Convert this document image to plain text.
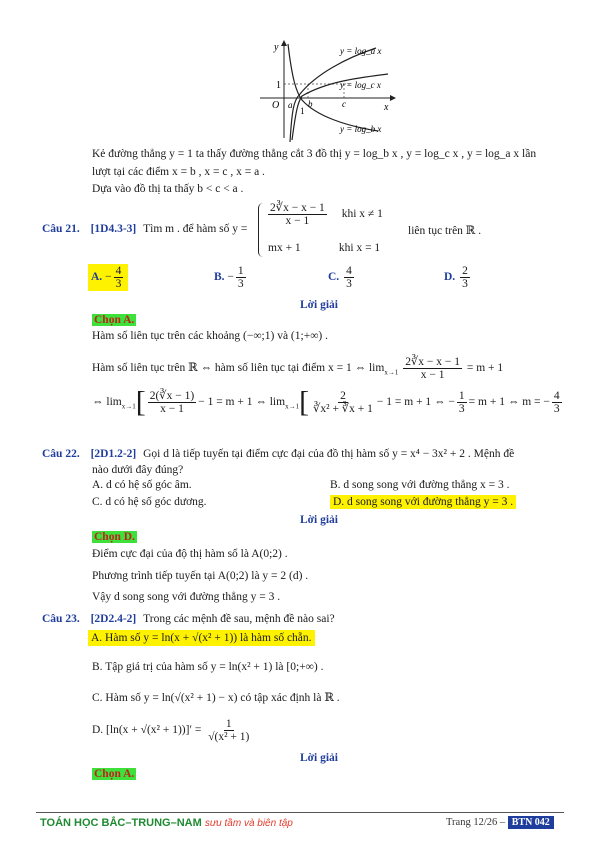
y
1
O	x
a b	c
1
y = log_a x
y = log_c x
y = log_b x
Kẻ đường thẳng y = 1 ta thấy đường thẳng cắt 3 đồ thị y = log_b x , y = log_c x , y = log_a x lần
lượt tại các điểm x = b , x = c , x = a .
Dựa vào đồ thị ta thấy b < c < a .
Câu 21. [1D4.3-3] Tìm m . để hàm số y =
$\frac{2∛x - x - 1}{x - 1}$ khi x ≠ 1
mx + 1	khi x = 1
liên tục trên ℝ .
A. − $\frac{4}{3}$	B. − $\frac{1}{3}$	C. $\frac{4}{3}$	D. $\frac{2}{3}$
Lời giải
Chọn A.
Hàm số liên tục trên các khoảng (−∞;1) và (1;+∞) .
Hàm số liên tục trên ℝ ⇔ hàm số liên tục tại điểm x = 1 ⇔ $\lim_{x\to 1} \frac{2∛x - x - 1}{x - 1} = m + 1$
⇔ $\lim_{x\to 1}[ \frac{2(∛x - 1)}{x - 1} - 1 = m + 1$ ⇔ $\lim_{x\to 1}[ \frac{2}{\text{∛x² + ∛x + 1}} - 1 = m + 1$ ⇔ − $\frac{1}{3} = m + 1$ ⇔ m = − $\frac{4}{3}$
Câu 22. [2D1.2-2] Gọi d là tiếp tuyến tại điểm cực đại của đồ thị hàm số y = x⁴ − 3x² + 2 . Mệnh đề
nào dưới đây đúng?
A. d có hệ số góc âm.	B. d song song với đường thẳng x = 3 .
C. d có hệ số góc dương.	D. d song song với đường thẳng y = 3 .
Lời giải
Chọn D.
Điểm cực đại của độ thị hàm số là A(0;2) .
Phương trình tiếp tuyến tại A(0;2) là y = 2 (d) .
Vậy d song song với đường thẳng y = 3 .
Câu 23. [2D2.4-2] Trong các mệnh đề sau, mệnh đề nào sai?
A. Hàm số y = ln(x + √(x² + 1)) là hàm số chẵn.
B. Tập giá trị của hàm số y = ln(x² + 1) là [0;+∞) .
C. Hàm số y = ln(√(x² + 1) − x) có tập xác định là ℝ .
D. $[\ln(x + √(x^2 + 1))]' = \frac{1}{\text{√(x² + 1)}}$
Lời giải
Chọn A.
TOÁN HỌC BẮC–TRUNG–NAM sưu tầm và biên tập	Trang 12/26 – BTN 042
